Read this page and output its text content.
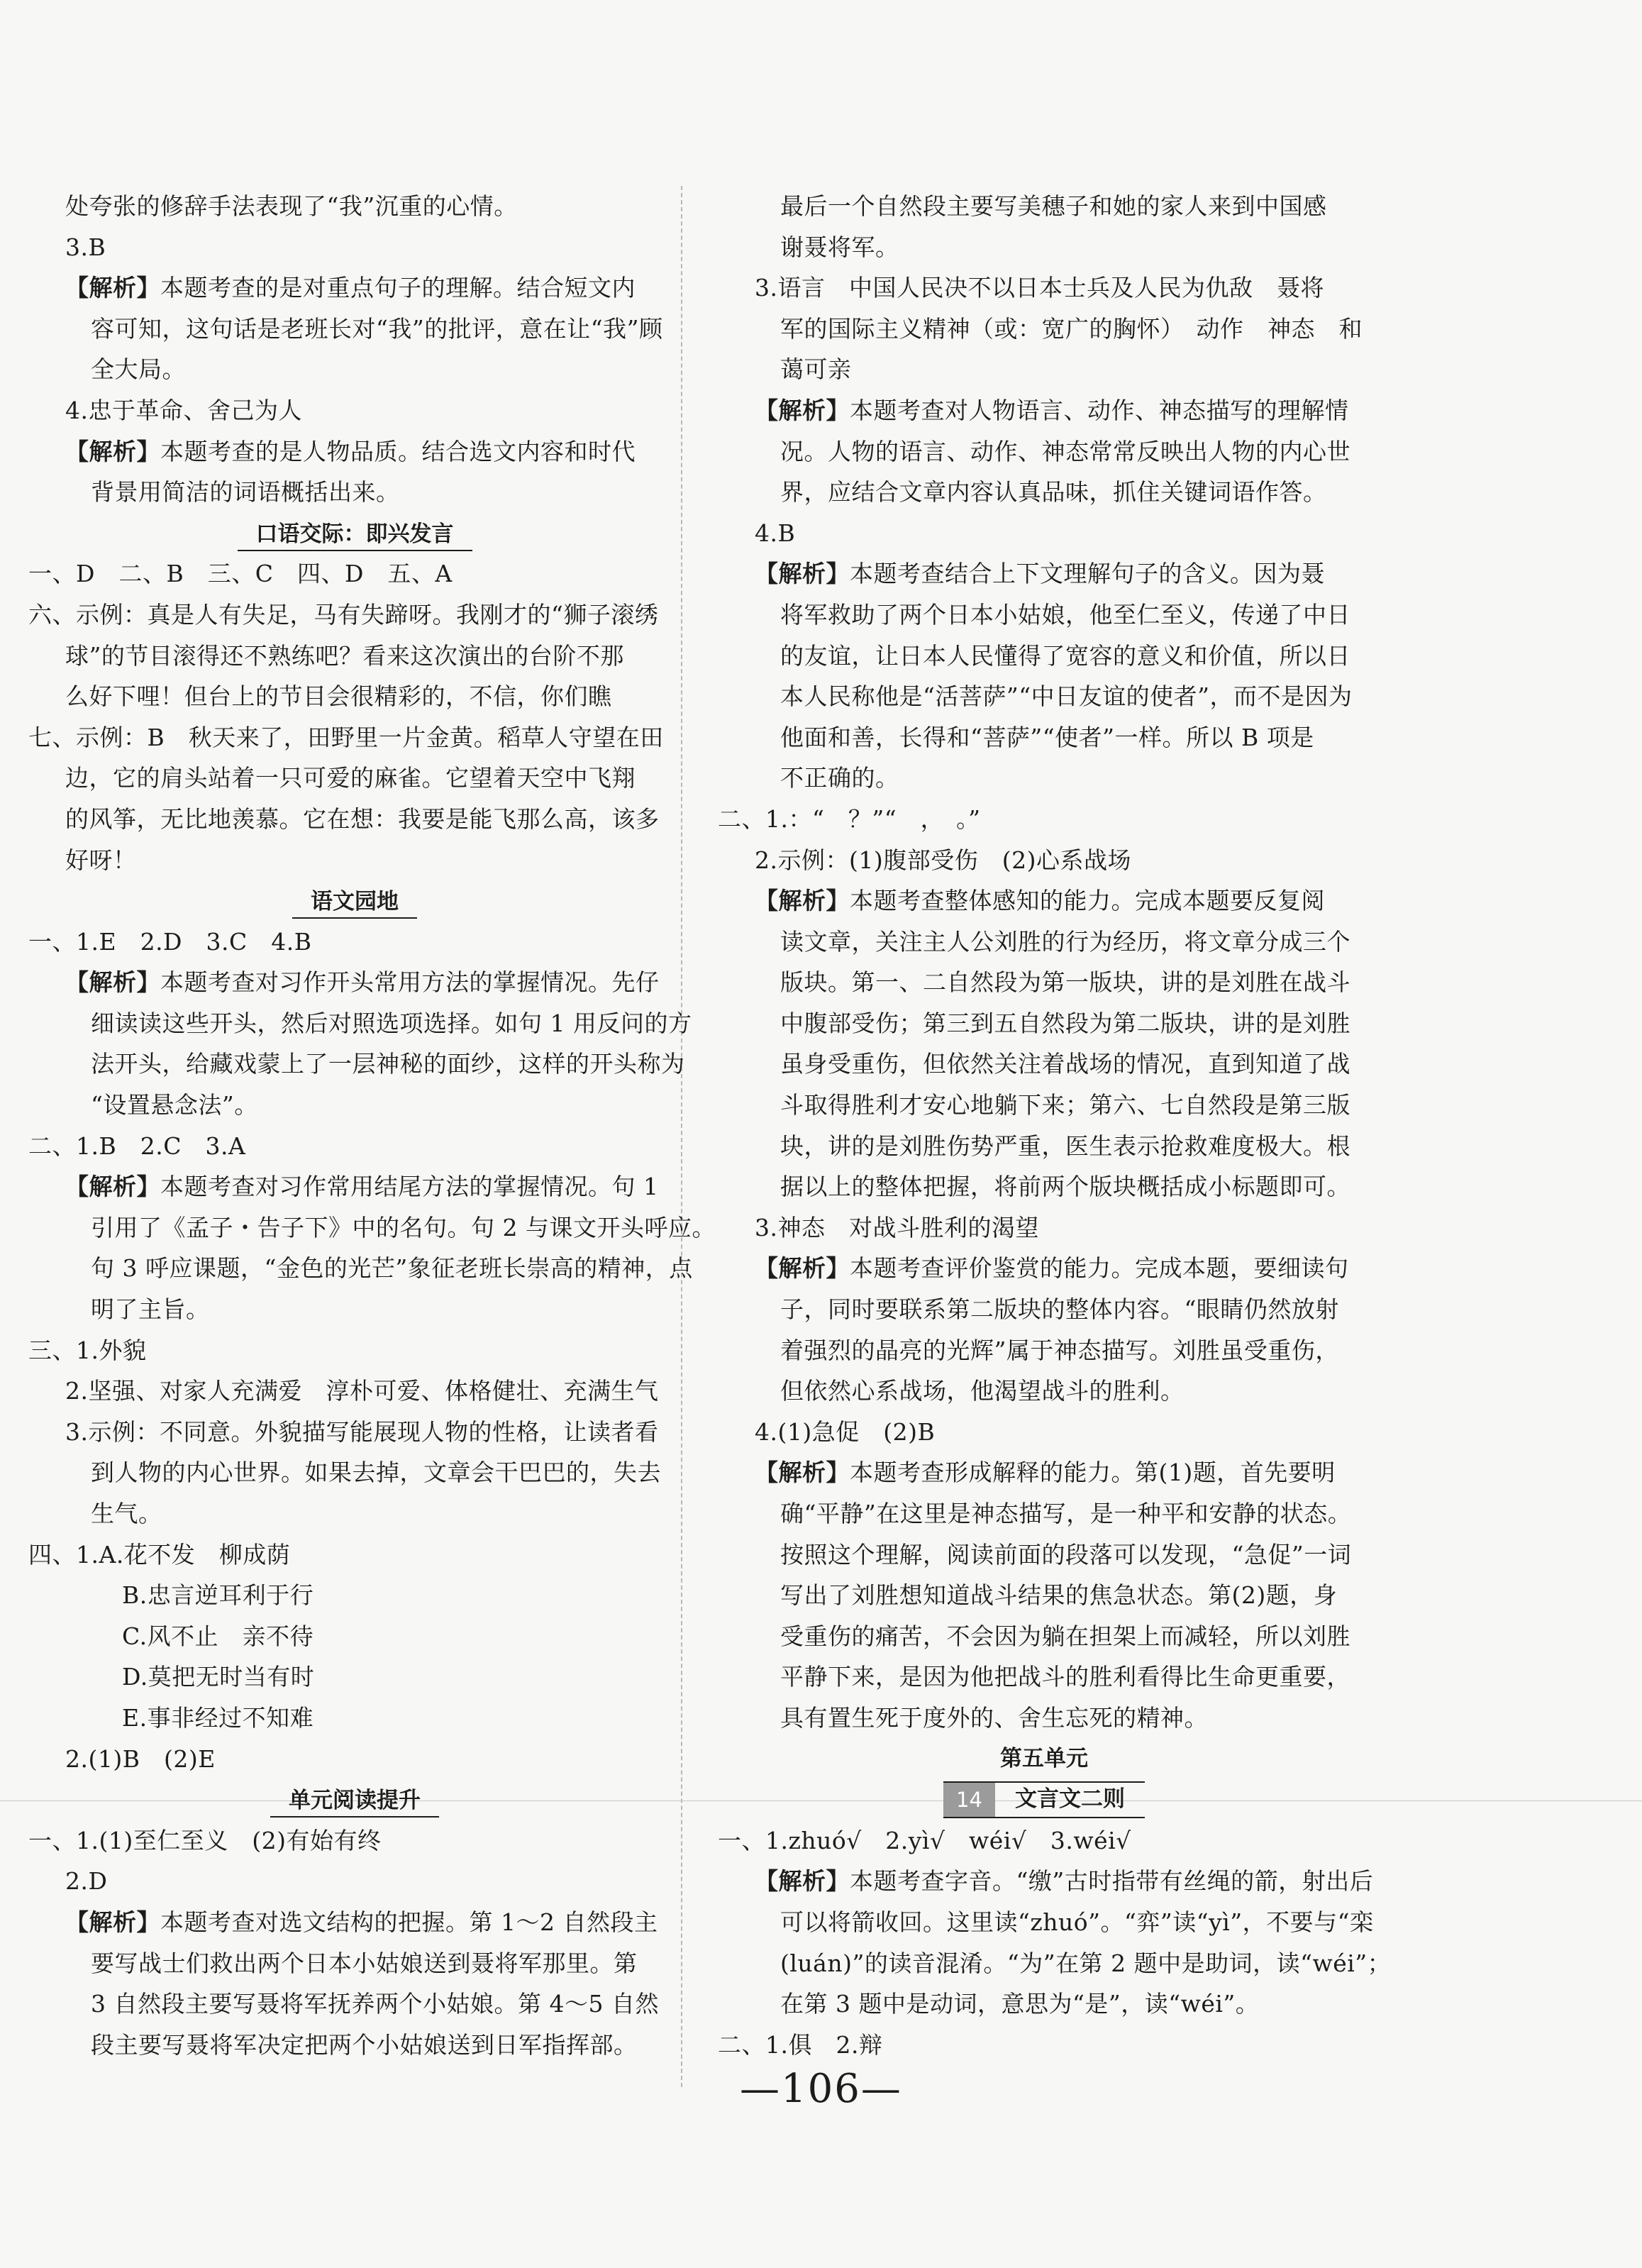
处夸张的修辞手法表现了“我”沉重的心情。
3.B
【解析】本题考查的是对重点句子的理解。结合短文内
容可知，这句话是老班长对“我”的批评，意在让“我”顾
全大局。
4.忠于革命、舍己为人
【解析】本题考查的是人物品质。结合选文内容和时代
背景用简洁的词语概括出来。
口语交际：即兴发言
一、D　二、B　三、C　四、D　五、A
六、示例：真是人有失足，马有失蹄呀。我刚才的“狮子滚绣
球”的节目滚得还不熟练吧？看来这次演出的台阶不那
么好下哩！但台上的节目会很精彩的，不信，你们瞧
七、示例：B　秋天来了，田野里一片金黄。稻草人守望在田
边，它的肩头站着一只可爱的麻雀。它望着天空中飞翔
的风筝，无比地羡慕。它在想：我要是能飞那么高，该多
好呀！
语文园地
一、1.E　2.D　3.C　4.B
【解析】本题考查对习作开头常用方法的掌握情况。先仔
细读读这些开头，然后对照选项选择。如句 1 用反问的方
法开头，给藏戏蒙上了一层神秘的面纱，这样的开头称为
“设置悬念法”。
二、1.B　2.C　3.A
【解析】本题考查对习作常用结尾方法的掌握情况。句 1
引用了《孟子・告子下》中的名句。句 2 与课文开头呼应。
句 3 呼应课题，“金色的光芒”象征老班长崇高的精神，点
明了主旨。
三、1.外貌
2.坚强、对家人充满爱　淳朴可爱、体格健壮、充满生气
3.示例：不同意。外貌描写能展现人物的性格，让读者看
到人物的内心世界。如果去掉，文章会干巴巴的，失去
生气。
四、1.A.花不发　柳成荫
B.忠言逆耳利于行
C.风不止　亲不待
D.莫把无时当有时
E.事非经过不知难
2.(1)B　(2)E
单元阅读提升
一、1.(1)至仁至义　(2)有始有终
2.D
【解析】本题考查对选文结构的把握。第 1～2 自然段主
要写战士们救出两个日本小姑娘送到聂将军那里。第
3 自然段主要写聂将军抚养两个小姑娘。第 4～5 自然
段主要写聂将军决定把两个小姑娘送到日军指挥部。
最后一个自然段主要写美穗子和她的家人来到中国感
谢聂将军。
3.语言　中国人民决不以日本士兵及人民为仇敌　聂将
军的国际主义精神（或：宽广的胸怀）　动作　神态　和
蔼可亲
【解析】本题考查对人物语言、动作、神态描写的理解情
况。人物的语言、动作、神态常常反映出人物的内心世
界，应结合文章内容认真品味，抓住关键词语作答。
4.B
【解析】本题考查结合上下文理解句子的含义。因为聂
将军救助了两个日本小姑娘，他至仁至义，传递了中日
的友谊，让日本人民懂得了宽容的意义和价值，所以日
本人民称他是“活菩萨”“中日友谊的使者”，而不是因为
他面和善，长得和“菩萨”“使者”一样。所以 B 项是
不正确的。
二、1.：“　？”“　，　。”
2.示例：(1)腹部受伤　(2)心系战场
【解析】本题考查整体感知的能力。完成本题要反复阅
读文章，关注主人公刘胜的行为经历，将文章分成三个
版块。第一、二自然段为第一版块，讲的是刘胜在战斗
中腹部受伤；第三到五自然段为第二版块，讲的是刘胜
虽身受重伤，但依然关注着战场的情况，直到知道了战
斗取得胜利才安心地躺下来；第六、七自然段是第三版
块，讲的是刘胜伤势严重，医生表示抢救难度极大。根
据以上的整体把握，将前两个版块概括成小标题即可。
3.神态　对战斗胜利的渴望
【解析】本题考查评价鉴赏的能力。完成本题，要细读句
子，同时要联系第二版块的整体内容。“眼睛仍然放射
着强烈的晶亮的光辉”属于神态描写。刘胜虽受重伤，
但依然心系战场，他渴望战斗的胜利。
4.(1)急促　(2)B
【解析】本题考查形成解释的能力。第(1)题，首先要明
确“平静”在这里是神态描写，是一种平和安静的状态。
按照这个理解，阅读前面的段落可以发现，“急促”一词
写出了刘胜想知道战斗结果的焦急状态。第(2)题，身
受重伤的痛苦，不会因为躺在担架上而减轻，所以刘胜
平静下来，是因为他把战斗的胜利看得比生命更重要，
具有置生死于度外的、舍生忘死的精神。
第五单元
14	文言文二则
一、1.zhuó√　2.yì√　wéi√　3.wéi√
【解析】本题考查字音。“缴”古时指带有丝绳的箭，射出后
可以将箭收回。这里读“zhuó”。“弈”读“yì”，不要与“栾
(luán)”的读音混淆。“为”在第 2 题中是助词，读“wéi”；
在第 3 题中是动词，意思为“是”，读“wéi”。
二、1.俱　2.辩
—106—
